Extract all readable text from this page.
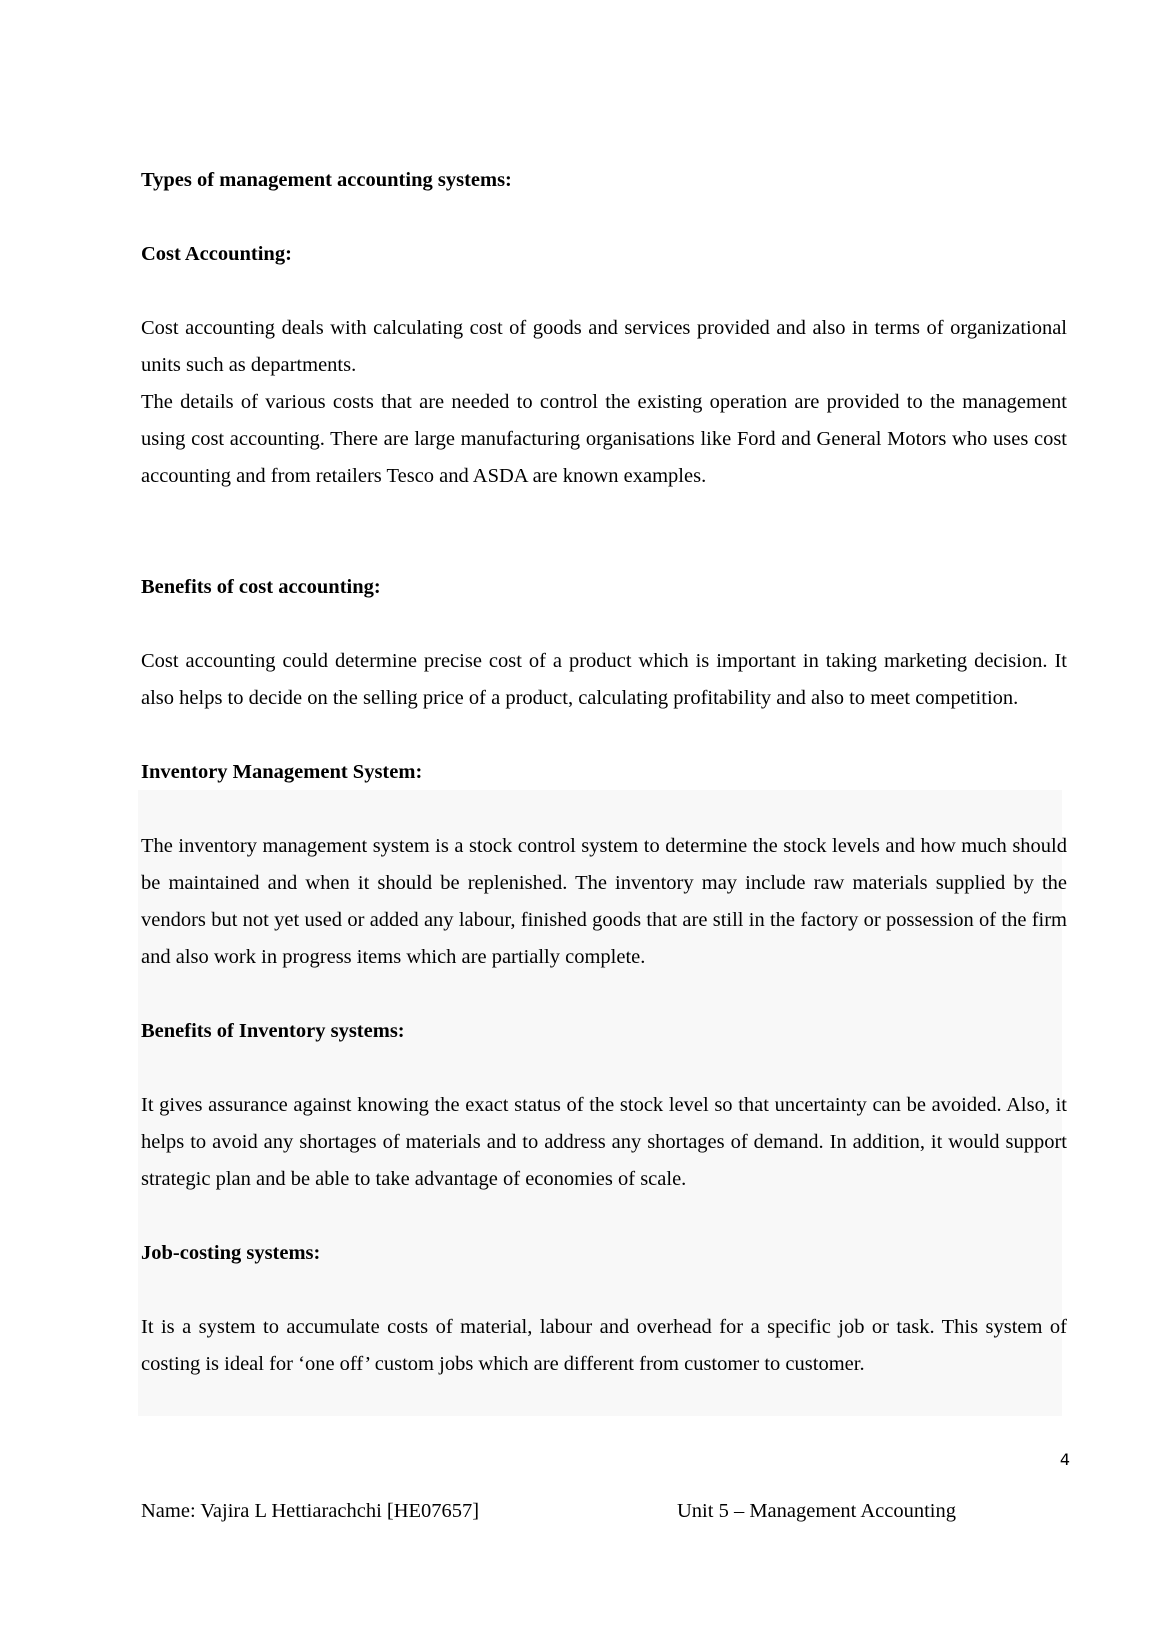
Types of management accounting systems:

Cost Accounting:

Cost accounting deals with calculating cost of goods and services provided and also in terms of organizational units such as departments.

The details of various costs that are needed to control the existing operation are provided to the management using cost accounting. There are large manufacturing organisations like Ford and General Motors who uses cost accounting and from retailers Tesco and ASDA are known examples.

Benefits of cost accounting:

Cost accounting could determine precise cost of a product which is important in taking marketing decision. It also helps to decide on the selling price of a product, calculating profitability and also to meet competition.

Inventory Management System:

The inventory management system is a stock control system to determine the stock levels and how much should be maintained and when it should be replenished. The inventory may include raw materials supplied by the vendors but not yet used or added any labour, finished goods that are still in the factory or possession of the firm and also work in progress items which are partially complete.

Benefits of Inventory systems:

It gives assurance against knowing the exact status of the stock level so that uncertainty can be avoided. Also, it helps to avoid any shortages of materials and to address any shortages of demand. In addition, it would support strategic plan and be able to take advantage of economies of scale.

Job-costing systems:

It is a system to accumulate costs of material, labour and overhead for a specific job or task. This system of costing is ideal for ‘one off’ custom jobs which are different from customer to customer.

4
Name: Vajira L Hettiarachchi [HE07657]	Unit 5 – Management Accounting
